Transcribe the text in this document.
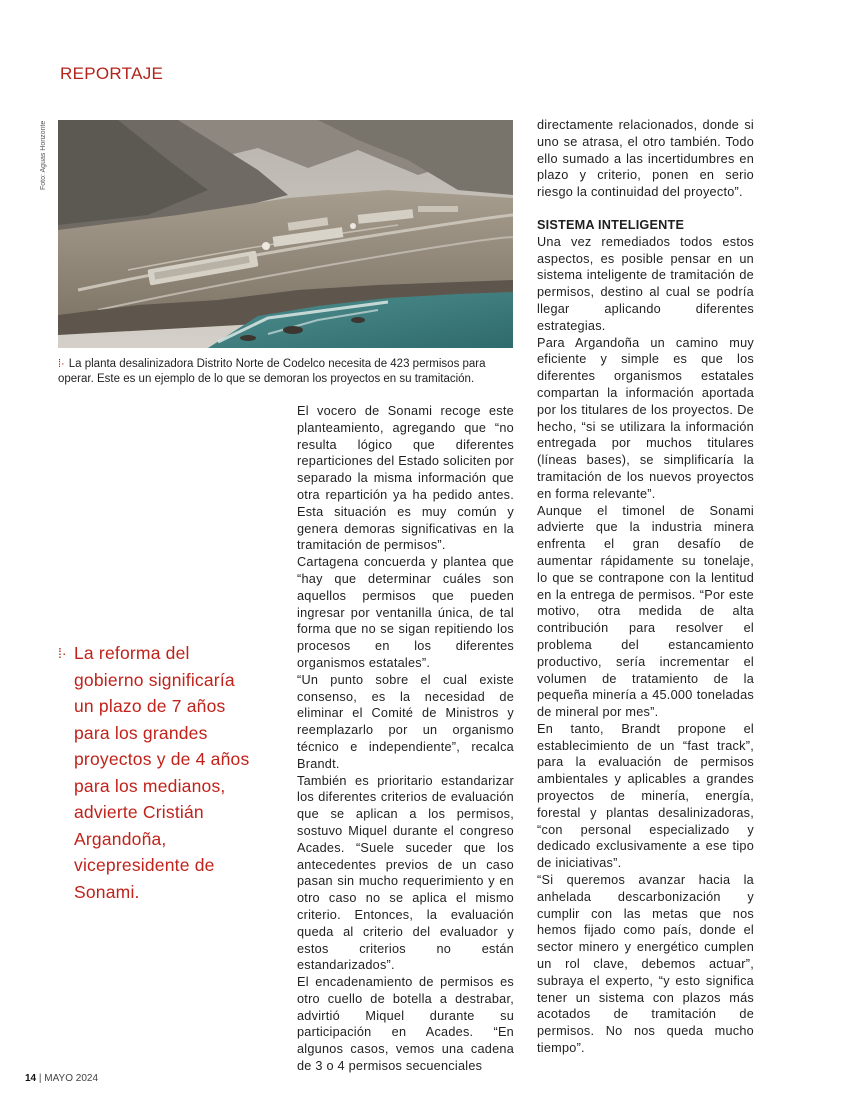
REPORTAJE
Foto: Aguas Horizonte
⁞· La planta desalinizadora Distrito Norte de Codelco necesita de 423 permisos para operar. Este es un ejemplo de lo que se demoran los proyectos en su tramitación.
⁞· La reforma del gobierno significaría un plazo de 7 años para los grandes proyectos y de 4 años para los medianos, advierte Cristián Argandoña, vicepresidente de Sonami.

El vocero de Sonami recoge este planteamiento, agregando que “no resulta lógico que diferentes reparticiones del Estado soliciten por separado la misma información que otra repartición ya ha pedido antes. Esta situación es muy común y genera demoras significativas en la tramitación de permisos”.

Cartagena concuerda y plantea que “hay que determinar cuáles son aquellos permisos que pueden ingresar por ventanilla única, de tal forma que no se sigan repitiendo los procesos en los diferentes organismos estatales”.

“Un punto sobre el cual existe consenso, es la necesidad de eliminar el Comité de Ministros y reemplazarlo por un organismo técnico e independiente”, recalca Brandt.

También es prioritario estandarizar los diferentes criterios de evaluación que se aplican a los permisos, sostuvo Miquel durante el congreso Acades. “Suele suceder que los antecedentes previos de un caso pasan sin mucho requerimiento y en otro caso no se aplica el mismo criterio. Entonces, la evaluación queda al criterio del evaluador y estos criterios no están estandarizados”.

El encadenamiento de permisos es otro cuello de botella a destrabar, advirtió Miquel durante su participación en Acades. “En algunos casos, vemos una cadena de 3 o 4 permisos secuenciales

directamente relacionados, donde si uno se atrasa, el otro también. Todo ello sumado a las incertidumbres en plazo y criterio, ponen en serio riesgo la continuidad del proyecto”.

SISTEMA INTELIGENTE

Una vez remediados todos estos aspectos, es posible pensar en un sistema inteligente de tramitación de permisos, destino al cual se podría llegar aplicando diferentes estrategias.

Para Argandoña un camino muy eficiente y simple es que los diferentes organismos estatales compartan la información aportada por los titulares de los proyectos. De hecho, “si se utilizara la información entregada por muchos titulares (líneas bases), se simplificaría la tramitación de los nuevos proyectos en forma relevante”.

Aunque el timonel de Sonami advierte que la industria minera enfrenta el gran desafío de aumentar rápidamente su tonelaje, lo que se contrapone con la lentitud en la entrega de permisos. “Por este motivo, otra medida de alta contribución para resolver el problema del estancamiento productivo, sería incrementar el volumen de tratamiento de la pequeña minería a 45.000 toneladas de mineral por mes”.

En tanto, Brandt propone el establecimiento de un “fast track”, para la evaluación de permisos ambientales y aplicables a grandes proyectos de minería, energía, forestal y plantas desalinizadoras, “con personal especializado y dedicado exclusivamente a ese tipo de iniciativas”.

“Si queremos avanzar hacia la anhelada descarbonización y cumplir con las metas que nos hemos fijado como país, donde el sector minero y energético cumplen un rol clave, debemos actuar”, subraya el experto, “y esto significa tener un sistema con plazos más acotados de tramitación de permisos. No nos queda mucho tiempo”.

14 | MAYO 2024
